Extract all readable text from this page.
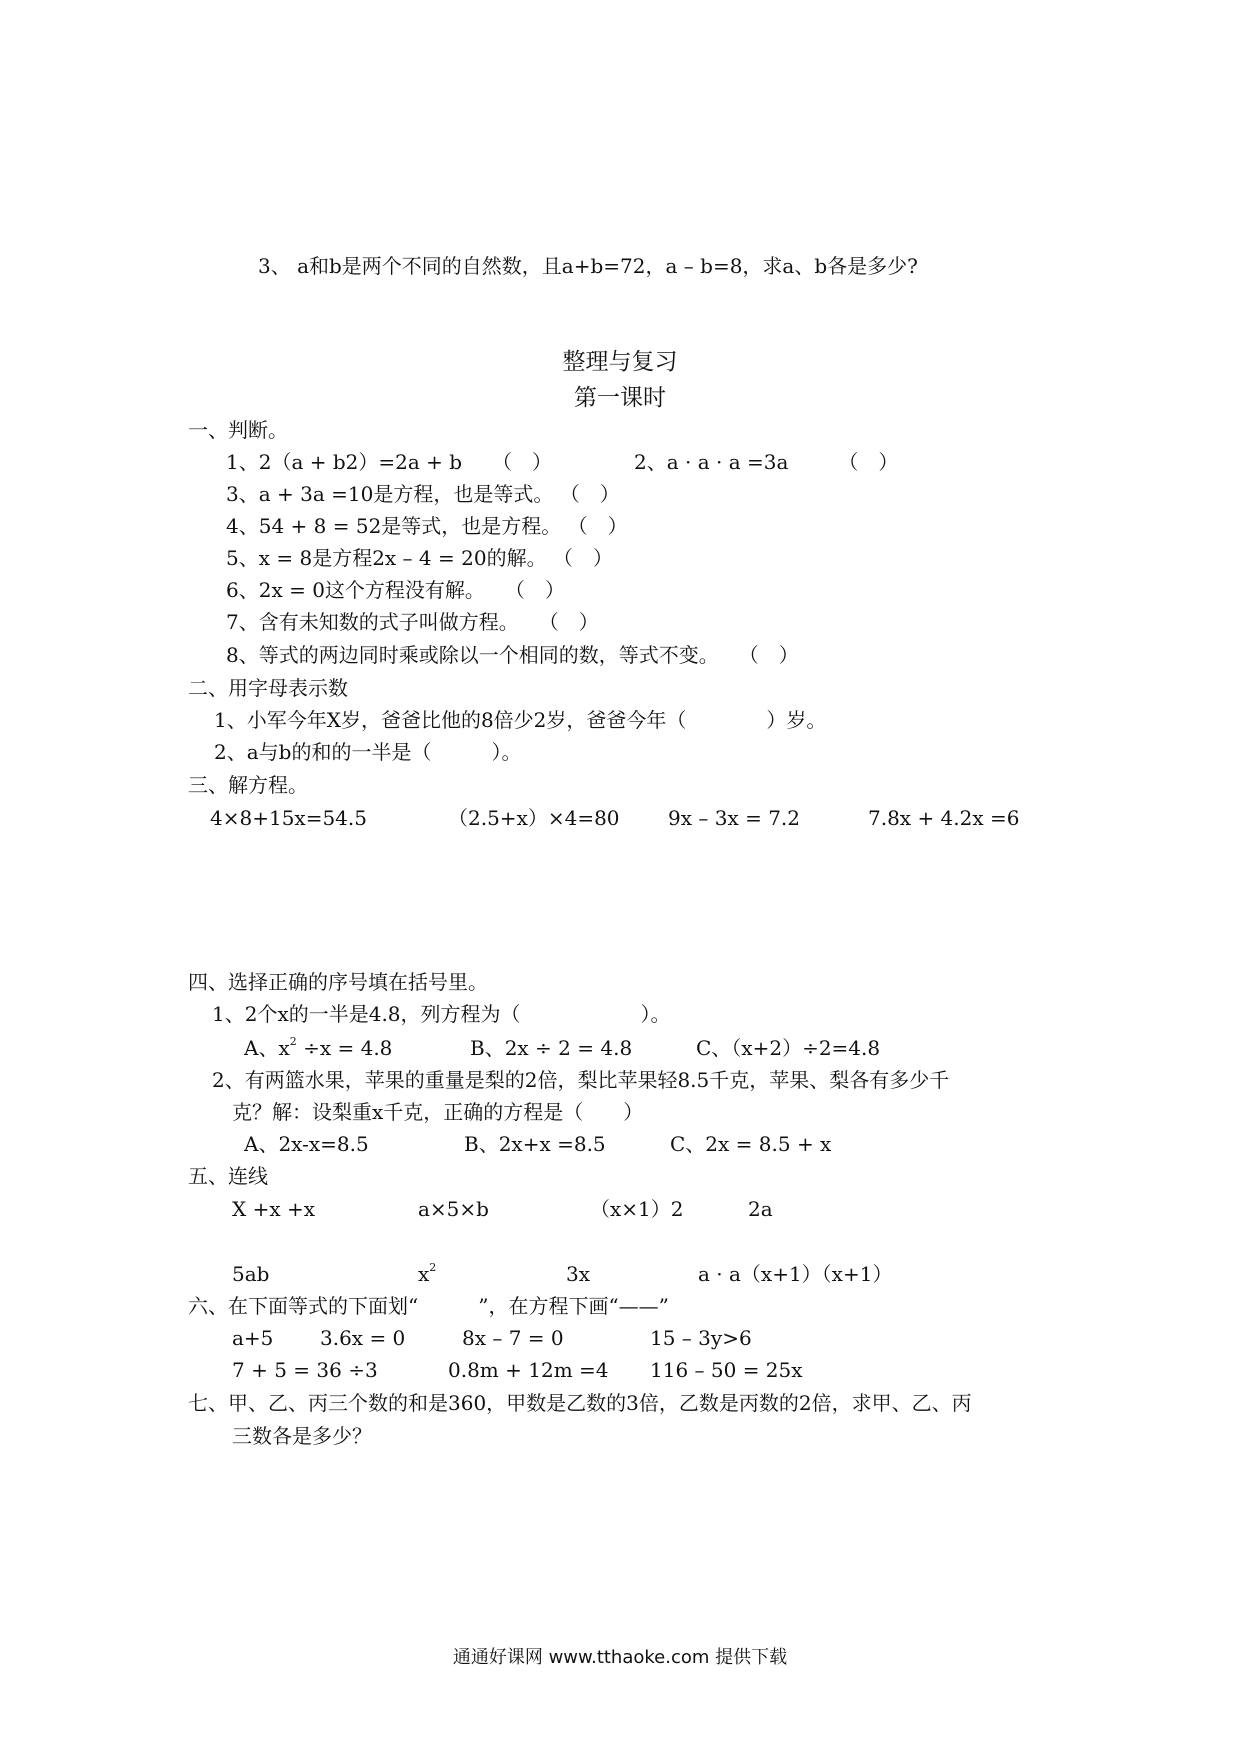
3、 a和b是两个不同的自然数，且a+b=72，a – b=8，求a、b各是多少?
整理与复习
第一课时
一、判断。
1、2（a + b2）=2a + b　　（　）	2、a · a · a =3a　　　（　）
3、a + 3a =10是方程，也是等式。 （　）
4、54 + 8 = 52是等式，也是方程。 （　）
5、x = 8是方程2x – 4 = 20的解。 （　）
6、2x = 0这个方程没有解。　　（　）
7、含有未知数的式子叫做方程。　　（　）
8、等式的两边同时乘或除以一个相同的数，等式不变。　　（　）
二、用字母表示数
1、小军今年X岁，爸爸比他的8倍少2岁，爸爸今年（　　　　）岁。
2、a与b的和的一半是（　　　）。
三、解方程。
4×8+15x=54.5	（2.5+x）×4=80 9x – 3x = 7.2	7.8x + 4.2x =6
四、选择正确的序号填在括号里。
1、2个x的一半是4.8，列方程为（　　　　　　）。
A、$x^2 \div x = 4.8$	B、2x ÷ 2 = 4.8	C、（x+2）÷2=4.8
2、有两篮水果，苹果的重量是梨的2倍，梨比苹果轻8.5千克，苹果、梨各有多少千
克？解：设梨重x千克，正确的方程是（　　）
A、2x-x=8.5	B、2x+x =8.5	C、2x = 8.5 + x
五、连线
X +x +x	a×5×b	（x×1）2	2a
5ab	$x^2$	3x	a · a（x+1）（x+1）
六、在下面等式的下面划“　　　”，在方程下画“——”
a+5 3.6x = 0	8x – 7 = 0	15 – 3y>6
7 + 5 = 36 ÷3	0.8m + 12m =4 116 – 50 = 25x
七、甲、乙、丙三个数的和是360，甲数是乙数的3倍，乙数是丙数的2倍，求甲、乙、丙
三数各是多少？
通通好课网 www.tthaoke.com 提供下载
